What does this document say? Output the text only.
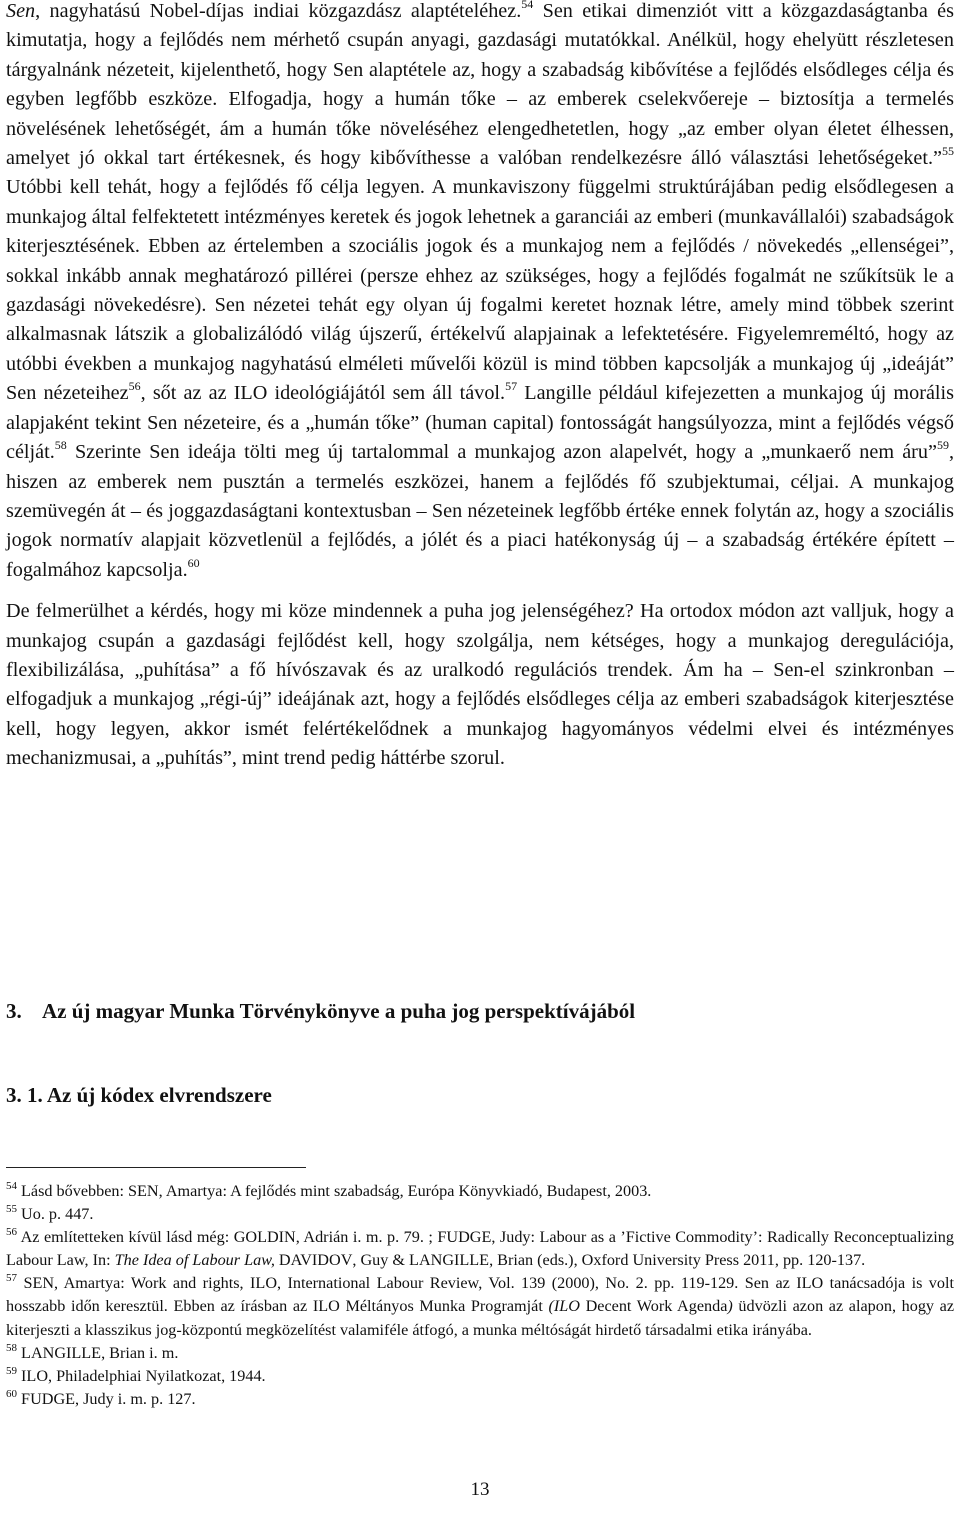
Sen, nagyhatású Nobel-díjas indiai közgazdász alaptételéhez.$^{54}$ Sen etikai dimenziót vitt a közgazdaságtanba és kimutatja, hogy a fejlődés nem mérhető csupán anyagi, gazdasági mutatókkal. Anélkül, hogy ehelyütt részletesen tárgyalnánk nézeteit, kijelenthető, hogy Sen alaptétele az, hogy a szabadság kibővítése a fejlődés elsődleges célja és egyben legfőbb eszköze. Elfogadja, hogy a humán tőke ‒ az emberek cselekvőereje ‒ biztosítja a termelés növelésének lehetőségét, ám a humán tőke növeléséhez elengedhetetlen, hogy „az ember olyan életet élhessen, amelyet jó okkal tart értékesnek, és hogy kibővíthesse a valóban rendelkezésre álló választási lehetőségeket.”$^{55}$ Utóbbi kell tehát, hogy a fejlődés fő célja legyen. A munkaviszony függelmi struktúrájában pedig elsődlegesen a munkajog által felfektetett intézményes keretek és jogok lehetnek a garanciái az emberi (munkavállalói) szabadságok kiterjesztésének. Ebben az értelemben a szociális jogok és a munkajog nem a fejlődés / növekedés „ellenségei”, sokkal inkább annak meghatározó pillérei (persze ehhez az szükséges, hogy a fejlődés fogalmát ne szűkítsük le a gazdasági növekedésre). Sen nézetei tehát egy olyan új fogalmi keretet hoznak létre, amely mind többek szerint alkalmasnak látszik a globalizálódó világ újszerű, értékelvű alapjainak a lefektetésére. Figyelemreméltó, hogy az utóbbi években a munkajog nagyhatású elméleti művelői közül is mind többen kapcsolják a munkajog új „ideáját” Sen nézeteihez$^{56}$, sőt az az ILO ideológiájától sem áll távol.$^{57}$ Langille például kifejezetten a munkajog új morális alapjaként tekint Sen nézeteire, és a „humán tőke” (human capital) fontosságát hangsúlyozza, mint a fejlődés végső célját.$^{58}$ Szerinte Sen ideája tölti meg új tartalommal a munkajog azon alapelvét, hogy a „munkaerő nem áru”$^{59}$, hiszen az emberek nem pusztán a termelés eszközei, hanem a fejlődés fő szubjektumai, céljai. A munkajog szemüvegén át ‒ és joggazdaságtani kontextusban ‒ Sen nézeteinek legfőbb értéke ennek folytán az, hogy a szociális jogok normatív alapjait közvetlenül a fejlődés, a jólét és a piaci hatékonyság új ‒ a szabadság értékére épített ‒ fogalmához kapcsolja.$^{60}$

De felmerülhet a kérdés, hogy mi köze mindennek a puha jog jelenségéhez? Ha ortodox módon azt valljuk, hogy a munkajog csupán a gazdasági fejlődést kell, hogy szolgálja, nem kétséges, hogy a munkajog deregulációja, flexibilizálása, „puhítása” a fő hívószavak és az uralkodó regulációs trendek. Ám ha ‒ Sen-el szinkronban ‒ elfogadjuk a munkajog „régi-új” ideájának azt, hogy a fejlődés elsődleges célja az emberi szabadságok kiterjesztése kell, hogy legyen, akkor ismét felértékelődnek a munkajog hagyományos védelmi elvei és intézményes mechanizmusai, a „puhítás”, mint trend pedig háttérbe szorul.

3. Az új magyar Munka Törvénykönyve a puha jog perspektívájából
3. 1. Az új kódex elvrendszere

$^{54}$ Lásd bővebben: SEN, Amartya: A fejlődés mint szabadság, Európa Könyvkiadó, Budapest, 2003.

$^{55}$ Uo. p. 447.

$^{56}$ Az említetteken kívül lásd még: GOLDIN, Adrián i. m. p. 79. ; FUDGE, Judy: Labour as a ’Fictive Commodity’: Radically Reconceptualizing Labour Law, In: The Idea of Labour Law, DAVIDOV, Guy & LANGILLE, Brian (eds.), Oxford University Press 2011, pp. 120-137.

$^{57}$ SEN, Amartya: Work and rights, ILO, International Labour Review, Vol. 139 (2000), No. 2. pp. 119-129. Sen az ILO tanácsadója is volt hosszabb időn keresztül. Ebben az írásban az ILO Méltányos Munka Programját (ILO Decent Work Agenda) üdvözli azon az alapon, hogy az kiterjeszti a klasszikus jog-központú megközelítést valamiféle átfogó, a munka méltóságát hirdető társadalmi etika irányába.

$^{58}$ LANGILLE, Brian i. m.

$^{59}$ ILO, Philadelphiai Nyilatkozat, 1944.

$^{60}$ FUDGE, Judy i. m. p. 127.

13
